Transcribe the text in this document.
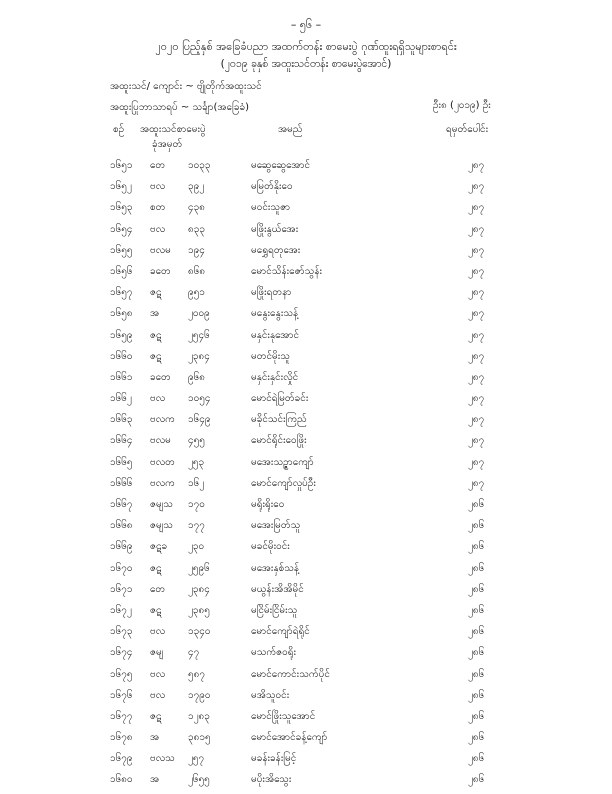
– ၅၆ –
၂၀၂၀ ပြည့်နှစ် အခြေခံပညာ အထက်တန်း စာမေးပွဲ ဂုဏ်ထူးရရှိသူများစာရင်း
(၂၀၁၉ ခုနှစ် အထူးသင်တန်း စာမေးပွဲအောင်)
အထူးသင်/ ကျောင်း ~ ဗျိုတိုက်အထူးသင်
အထူးပြုဘာသာရပ် ~ သင်္ချာ(အခြေခံ)	ဦး၈ (၂၀၁၉) ဦး
စဉ် အထူးသင်စာမေးပွဲ
ခုံအမှတ်
အမည်	ရမှတ်ပေါင်း
၁၆၅၁ တေ	၁၀၃၃	မဆွေဆွေအောင်	၂၈၇
၁၆၅၂ ဗလ	၃၉၂	မမြတ်နိုးဝေ	၂၈၇
၁၆၅၃ စတ	၄၃၈	မဝင်းသူဇာ	၂၈၇
၁၆၅၄ ဗလ	၈၃၃	မဖြိုးနွယ်အေး	၂၈၇
၁၆၅၅ ဗလမ	၁၉၄	မရွှေရတုအေး	၂၈၇
၁၆၅၆ ခတေ	၈၆၈	မောင်သိန်းဇော်သွန်း	၂၈၇
၁၆၅၇ ဇဋ	၉၅၁	မဖြိုးရတနာ	၂၈၇
၁၆၅၈ အ	၂၀၀၉	မနွေးနွေးသန့်	၂၈၇
၁၆၅၉ ဇဋ	၂၅၄၆	မနှင်းနုအောင်	၂၈၇
၁၆၆၀ ဇဋ	၂၃၈၄	မတင်မိုးသူ	၂၈၇
၁၆၆၁ ခတေ	၉၆၈	မနှင်းနှင်းလှိုင်	၂၈၇
၁၆၆၂ ဗလ	၁၀၅၄	မောင်ရဲမြတ်ခင်း	၂၈၇
၁၆၆၃ ဗလက	၁၆၄၉	မခိုင်သင်းကြည်	၂၈၇
၁၆၆၄ ဗလမ	၄၅၅	မောင်ရိုင်းဝေဖြိုး	၂၈၇
၁၆၆၅ ဗလတ	၂၅၃	မအေးသဉ္ဇာကျော်	၂၈၇
၁၆၆၆ ဗလက	၁၆၂	မောင်ကျော်လှုပ်ဦး	၂၈၇
၁၆၆၇ ဇမျသ	၁၇၀	မရိုးရိုးဝေ	၂၈၆
၁၆၆၈ ဇမျသ	၁၇၇	မအေးမြတ်သူ	၂၈၆
၁၆၆၉ ဇဋခ	၂၃၀	မခင်မိုးဝင်း	၂၈၆
၁၆၇၀ ဇဋ	၂၅၉၆	မအေးနှစ်သန့်	၂၈၆
၁၆၇၁ တေ	၂၃၈၄	မယွန်းအိအိမိုင်	၂၈၆
၁၆၇၂ ဇဋ	၂၃၈၅	မငြိမ်းငြိမ်းသူ	၂၈၆
၁၆၇၃ ဗလ	၁၃၄၀	မောင်ကျော်ရဲရိုင်	၂၈၆
၁၆၇၄ ဇမျ	၄၇	မသက်ဇဝရိုး	၂၈၆
၁၆၇၅ ဗလ	၅၈၇	မောင်ကောင်းသက်ပိုင်	၂၈၆
၁၆၇၆ ဗလ	၁၇၉၀	မအိသူဝင်း	၂၈၆
၁၆၇၇ ဇဋ	၁၂၈၃	မောင်ဖြိုးသူအောင်	၂၈၆
၁၆၇၈ အ	၃၈၁၅	မောင်အောင်ခန့်ကျော်	၂၈၆
၁၆၇၉ ဗလသ	၂၅၇	မခန်းခန်းမြင့်	၂၈၆
၁၆၈၀ အ	၂၆၅၅	မပိုးအိသွေး	၂၈၆
